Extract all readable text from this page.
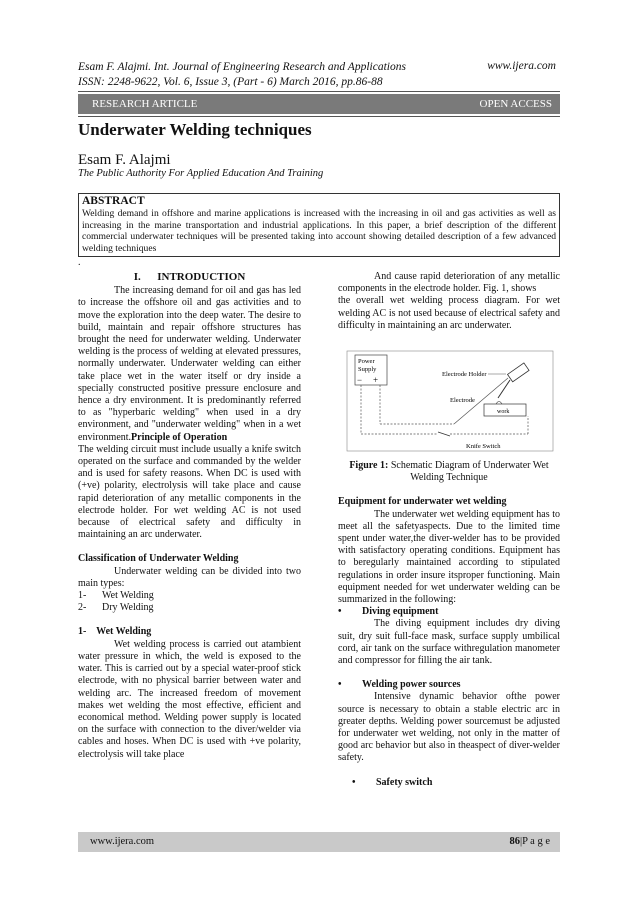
Esam F. Alajmi. Int. Journal of Engineering Research and Applications
ISSN: 2248-9622, Vol. 6, Issue 3, (Part - 6) March 2016, pp.86-88
www.ijera.com
RESEARCH ARTICLE	OPEN ACCESS
Underwater Welding techniques
Esam F. Alajmi
The Public Authority For Applied Education And Training
ABSTRACT

Welding demand in offshore and marine applications is increased with the increasing in oil and gas activities as well as increasing in the marine transportation and industrial applications. In this paper, a brief description of the different commercial underwater techniques will be presented taking into account showing detailed description of a few advanced welding techniques

.
I.      INTRODUCTION

The increasing demand for oil and gas has led to increase the offshore oil and gas activities and to move the exploration into the deep water. The desire to build, maintain and repair offshore structures has brought the need for underwater welding. Underwater welding is the process of welding at elevated pressures, normally underwater. Underwater welding can either take place wet in the water itself or dry inside a specially constructed positive pressure enclosure and hence a dry environment. It is predominantly referred to as "hyperbaric welding" when used in a dry environment, and "underwater welding" when in a wet environment.Principle of Operation

The welding circuit must include usually a knife switch operated on the surface and commanded by the welder and is used for safety reasons. When DC is used with (+ve) polarity, electrolysis will take place and cause rapid deterioration of any metallic components in the electrode holder. For wet welding AC is not used because of electrical safety and difficulty in maintaining an arc underwater.

Classification of Underwater Welding

Underwater welding can be divided into two main types:

1-	Wet Welding
2-	Dry Welding

1-    Wet Welding

Wet welding process is carried out atambient water pressure in which, the weld is exposed to the water. This is carried out by a special water-proof stick electrode, with no physical barrier between water and welding arc. The increased freedom of movement makes wet welding the most effective, efficient and economical method. Welding power supply is located on the surface with connection to the diver/welder via cables and hoses. When DC is used with +ve polarity, electrolysis will take place

And cause rapid deterioration of any metallic components in the electrode holder. Fig. 1, shows

the overall wet welding process diagram. For wet welding AC is not used because of electrical safety and difficulty in maintaining an arc underwater.

Power
Supply
− +
Electrode Holder
Electrode
work
Knife Switch

Figure 1: Schematic Diagram of Underwater Wet Welding Technique

Equipment for underwater wet welding

The underwater wet welding equipment has to meet all the safetyaspects. Due to the limited time spent under water,the diver-welder has to be provided with satisfactory operating conditions. Equipment has to beregularly maintained according to stipulated regulations in order insure itsproper functioning. Main equipment needed for wet underwater welding can be summarized in the following:

•	Diving equipment

The diving equipment includes dry diving suit, dry suit full-face mask, surface supply umbilical cord, air tank on the surface withregulation manometer and compressor for filling the air tank.

•	Welding power sources

Intensive dynamic behavior ofthe power source is necessary to obtain a stable electric arc in greater depths. Welding power sourcemust be adjusted for underwater wet welding, not only in the matter of good arc behavior but also in theaspect of diver-welder safety.

•	Safety switch
www.ijera.com	86|P a g e
